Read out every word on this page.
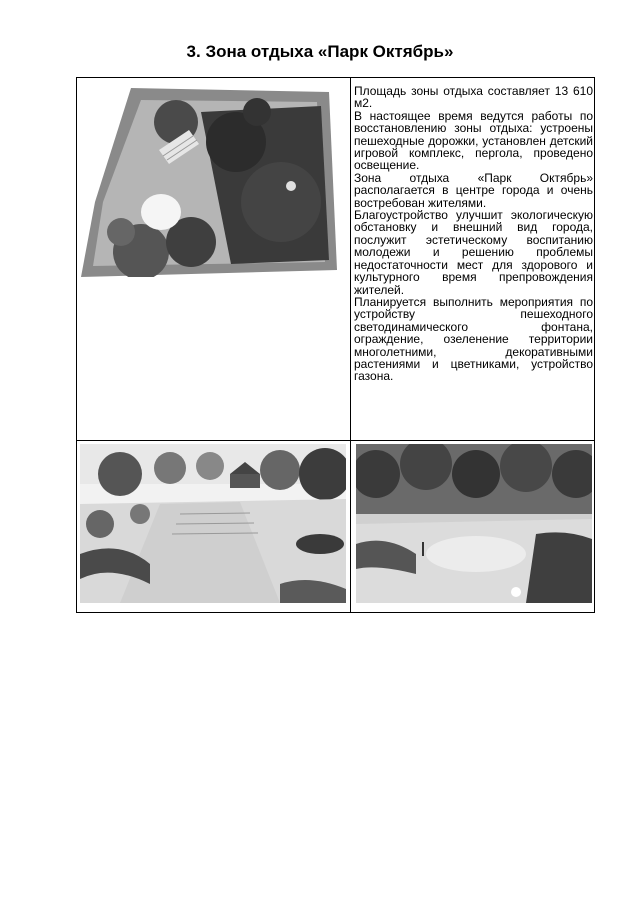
3. Зона отдыха «Парк Октябрь»

Площадь зоны отдыха составляет 13 610 м2.

В настоящее время ведутся работы по восстановлению зоны отдыха: устроены пешеходные дорожки, установлен детский игровой комплекс, пергола, проведено освещение.

Зона отдыха «Парк Октябрь» располагается в центре города и очень востребован жителями.

Благоустройство улучшит экологическую обстановку и внешний вид города, послужит эстетическому воспитанию молодежи и решению проблемы недостаточности мест для здорового и культурного время препровождения жителей.

Планируется выполнить мероприятия по устройству пешеходного светодинамического фонтана, ограждение, озеленение территории многолетними, декоративными растениями и цветниками, устройство газона.
